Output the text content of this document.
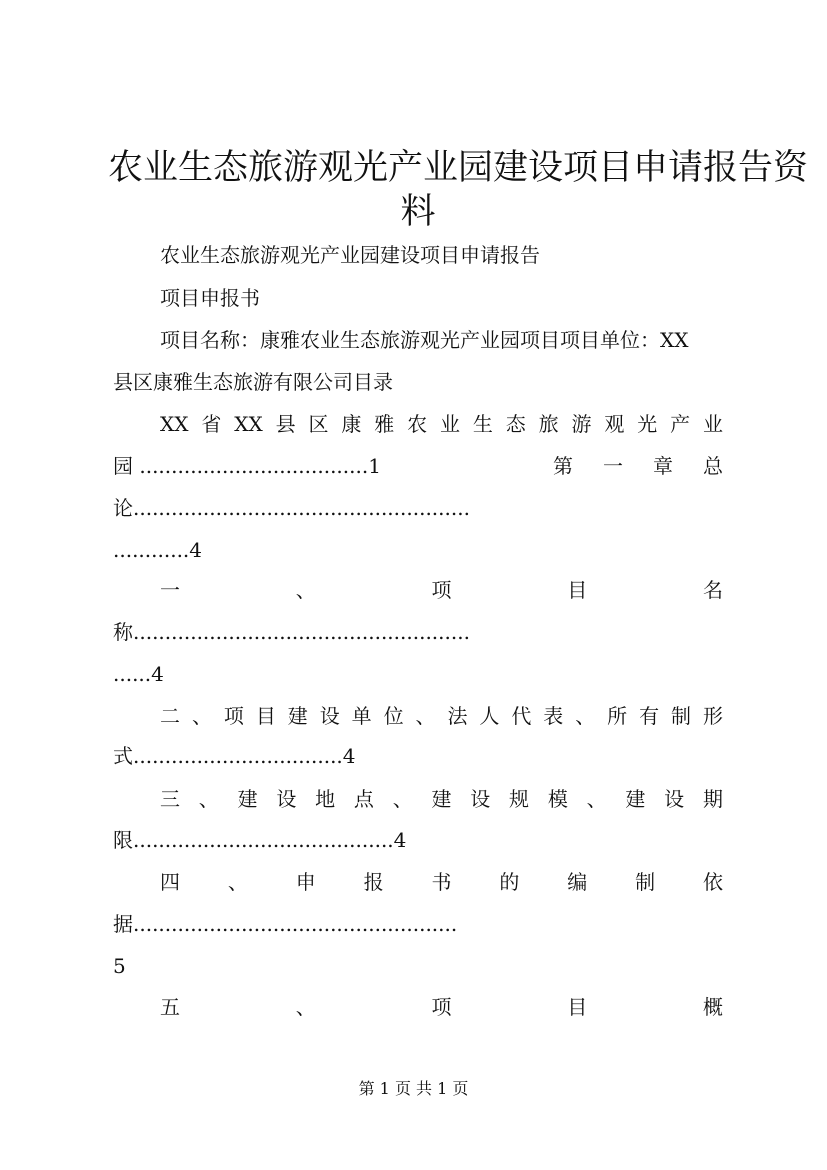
农业生态旅游观光产业园建设项目申请报告资
料
农业生态旅游观光产业园建设项目申请报告
项目申报书
项目名称：康雅农业生态旅游观光产业园项目项目单位：XX
县区康雅生态旅游有限公司目录
XX 省 XX 县 区 康 雅 农 业 生 态 旅 游 观 光 产 业
园 ....................................1	第 一 章 总
论.....................................................
............4
一	、	项	目	名
称.....................................................
......4
二 、 项 目 建 设 单 位 、 法 人 代 表 、 所 有 制 形
式.................................4
三 、 建 设 地 点 、 建 设 规 模 、 建 设 期
限.........................................4
四 、 申 报 书 的 编 制 依
据...................................................
5
五	、	项	目	概
第 1 页 共 1 页
